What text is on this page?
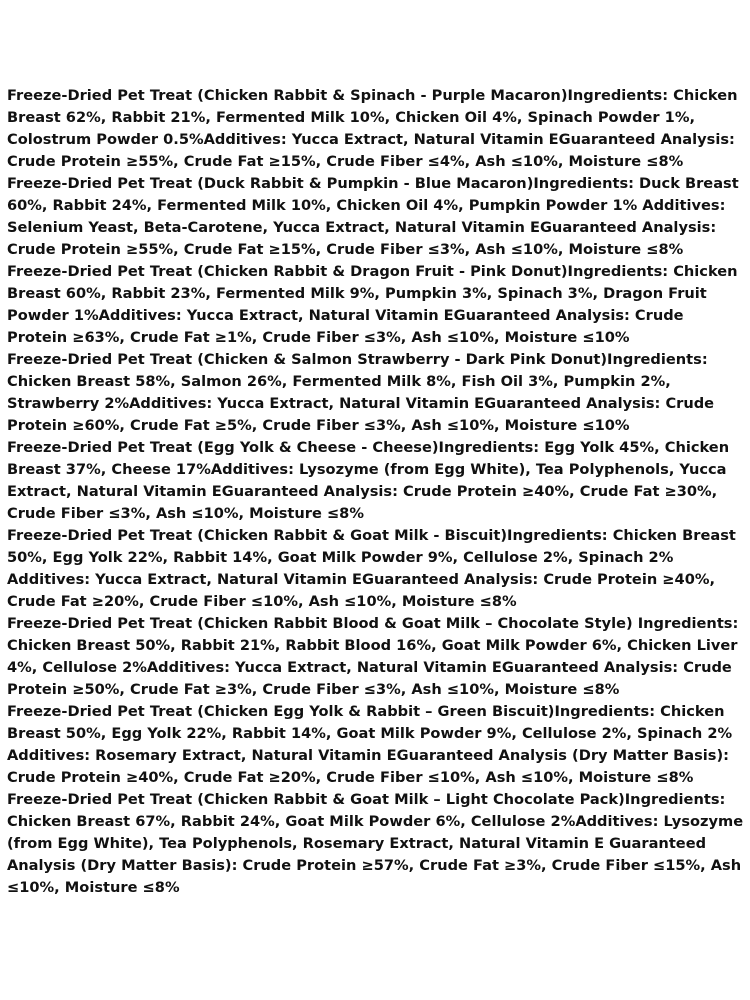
Freeze-Dried Pet Treat (Chicken Rabbit & Spinach - Purple Macaron)Ingredients: Chicken Breast 62%, Rabbit 21%, Fermented Milk 10%, Chicken Oil 4%, Spinach Powder 1%, Colostrum Powder 0.5%Additives: Yucca Extract, Natural Vitamin EGuaranteed Analysis: Crude Protein ≥55%, Crude Fat ≥15%, Crude Fiber ≤4%, Ash ≤10%, Moisture ≤8%

Freeze-Dried Pet Treat (Duck Rabbit & Pumpkin - Blue Macaron)Ingredients: Duck Breast 60%, Rabbit 24%, Fermented Milk 10%, Chicken Oil 4%, Pumpkin Powder 1% Additives: Selenium Yeast, Beta-Carotene, Yucca Extract, Natural Vitamin EGuaranteed Analysis: Crude Protein ≥55%, Crude Fat ≥15%, Crude Fiber ≤3%, Ash ≤10%, Moisture ≤8%

Freeze-Dried Pet Treat (Chicken Rabbit & Dragon Fruit - Pink Donut)Ingredients: Chicken Breast 60%, Rabbit 23%, Fermented Milk 9%, Pumpkin 3%, Spinach 3%, Dragon Fruit Powder 1%Additives: Yucca Extract, Natural Vitamin EGuaranteed Analysis: Crude Protein ≥63%, Crude Fat ≥1%, Crude Fiber ≤3%, Ash ≤10%, Moisture ≤10%

Freeze-Dried Pet Treat (Chicken & Salmon Strawberry - Dark Pink Donut)Ingredients: Chicken Breast 58%, Salmon 26%, Fermented Milk 8%, Fish Oil 3%, Pumpkin 2%, Strawberry 2%Additives: Yucca Extract, Natural Vitamin EGuaranteed Analysis: Crude Protein ≥60%, Crude Fat ≥5%, Crude Fiber ≤3%, Ash ≤10%, Moisture ≤10%

Freeze-Dried Pet Treat (Egg Yolk & Cheese - Cheese)Ingredients: Egg Yolk 45%, Chicken Breast 37%, Cheese 17%Additives: Lysozyme (from Egg White), Tea Polyphenols, Yucca Extract, Natural Vitamin EGuaranteed Analysis: Crude Protein ≥40%, Crude Fat ≥30%, Crude Fiber ≤3%, Ash ≤10%, Moisture ≤8%

Freeze-Dried Pet Treat (Chicken Rabbit & Goat Milk - Biscuit)Ingredients: Chicken Breast 50%, Egg Yolk 22%, Rabbit 14%, Goat Milk Powder 9%, Cellulose 2%, Spinach 2% Additives: Yucca Extract, Natural Vitamin EGuaranteed Analysis: Crude Protein ≥40%, Crude Fat ≥20%, Crude Fiber ≤10%, Ash ≤10%, Moisture ≤8%

Freeze-Dried Pet Treat (Chicken Rabbit Blood & Goat Milk – Chocolate Style) Ingredients: Chicken Breast 50%, Rabbit 21%, Rabbit Blood 16%, Goat Milk Powder 6%, Chicken Liver 4%, Cellulose 2%Additives: Yucca Extract, Natural Vitamin EGuaranteed Analysis: Crude Protein ≥50%, Crude Fat ≥3%, Crude Fiber ≤3%, Ash ≤10%, Moisture ≤8%

Freeze-Dried Pet Treat (Chicken Egg Yolk & Rabbit – Green Biscuit)Ingredients: Chicken Breast 50%, Egg Yolk 22%, Rabbit 14%, Goat Milk Powder 9%, Cellulose 2%, Spinach 2% Additives: Rosemary Extract, Natural Vitamin EGuaranteed Analysis (Dry Matter Basis): Crude Protein ≥40%, Crude Fat ≥20%, Crude Fiber ≤10%, Ash ≤10%, Moisture ≤8%

Freeze-Dried Pet Treat (Chicken Rabbit & Goat Milk – Light Chocolate Pack)Ingredients: Chicken Breast 67%, Rabbit 24%, Goat Milk Powder 6%, Cellulose 2%Additives: Lysozyme (from Egg White), Tea Polyphenols, Rosemary Extract, Natural Vitamin E Guaranteed Analysis (Dry Matter Basis): Crude Protein ≥57%, Crude Fat ≥3%, Crude Fiber ≤15%, Ash ≤10%, Moisture ≤8%
